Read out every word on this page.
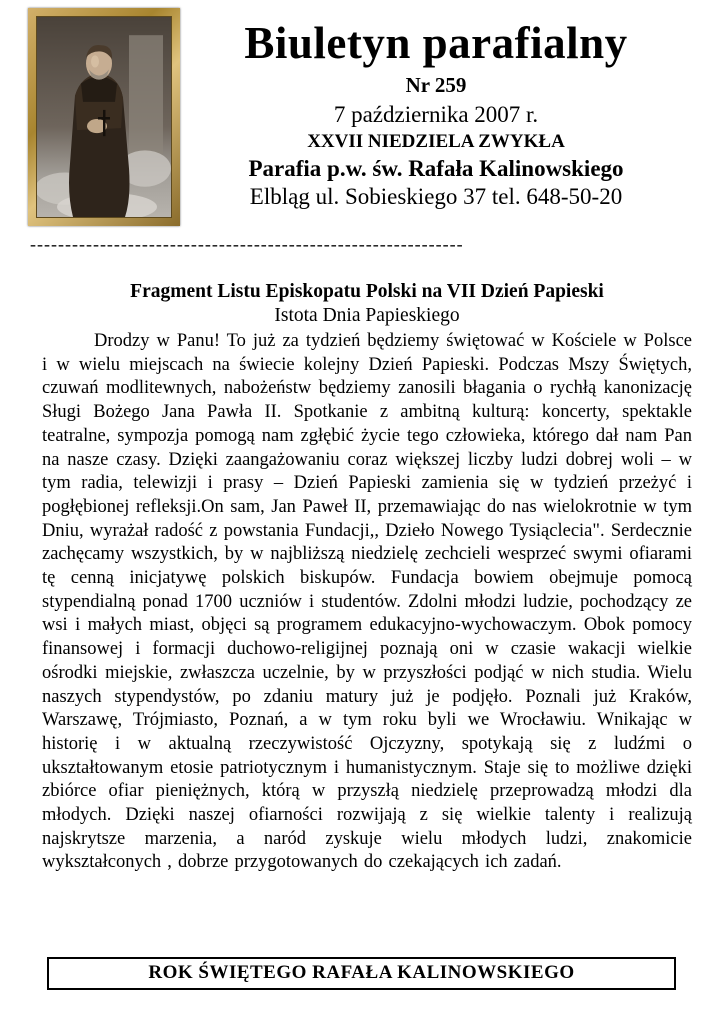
Biuletyn parafialny
Nr 259
7 października 2007 r.
XXVII NIEDZIELA ZWYKŁA
Parafia p.w. św. Rafała Kalinowskiego
Elbląg ul. Sobieskiego 37 tel. 648-50-20
--------------------------------------------------------------
Fragment Listu Episkopatu Polski na VII Dzień Papieski
Istota Dnia Papieskiego

Drodzy w Panu! To już za tydzień będziemy świętować w Kościele w Polsce i w wielu miejscach na świecie kolejny Dzień Papieski. Podczas Mszy Świętych, czuwań modlitewnych, nabożeństw będziemy zanosili błagania o rychłą kanonizację Sługi Bożego Jana Pawła II. Spotkanie z ambitną kulturą: koncerty, spektakle teatralne, sympozja pomogą nam zgłębić życie tego człowieka, którego dał nam Pan na nasze czasy. Dzięki zaangażowaniu coraz większej liczby ludzi dobrej woli – w tym radia, telewizji i prasy – Dzień Papieski zamienia się w tydzień przeżyć i pogłębionej refleksji.On sam, Jan Paweł II, przemawiając do nas wielokrotnie w tym Dniu, wyrażał radość z powstania Fundacji,, Dzieło Nowego Tysiąclecia". Serdecznie zachęcamy wszystkich, by w najbliższą niedzielę zechcieli wesprzeć swymi ofiarami tę cenną inicjatywę polskich biskupów. Fundacja bowiem obejmuje pomocą stypendialną ponad 1700 uczniów i studentów. Zdolni młodzi ludzie, pochodzący ze wsi i małych miast, objęci są programem edukacyjno-wychowaczym. Obok pomocy finansowej i formacji duchowo-religijnej poznają oni w czasie wakacji wielkie ośrodki miejskie, zwłaszcza uczelnie, by w przyszłości podjąć w nich studia. Wielu naszych stypendystów, po zdaniu matury już je podjęło. Poznali już Kraków, Warszawę, Trójmiasto, Poznań, a w tym roku byli we Wrocławiu. Wnikając w historię i w aktualną rzeczywistość Ojczyzny, spotykają się z ludźmi o ukształtowanym etosie patriotycznym i humanistycznym. Staje się to możliwe dzięki zbiórce ofiar pieniężnych, którą w przyszłą niedzielę przeprowadzą młodzi dla młodych. Dzięki naszej ofiarności rozwijają z się wielkie talenty i realizują najskrytsze marzenia, a naród zyskuje wielu młodych ludzi, znakomicie wykształconych , dobrze przygotowanych do czekających ich zadań.

ROK ŚWIĘTEGO RAFAŁA KALINOWSKIEGO
